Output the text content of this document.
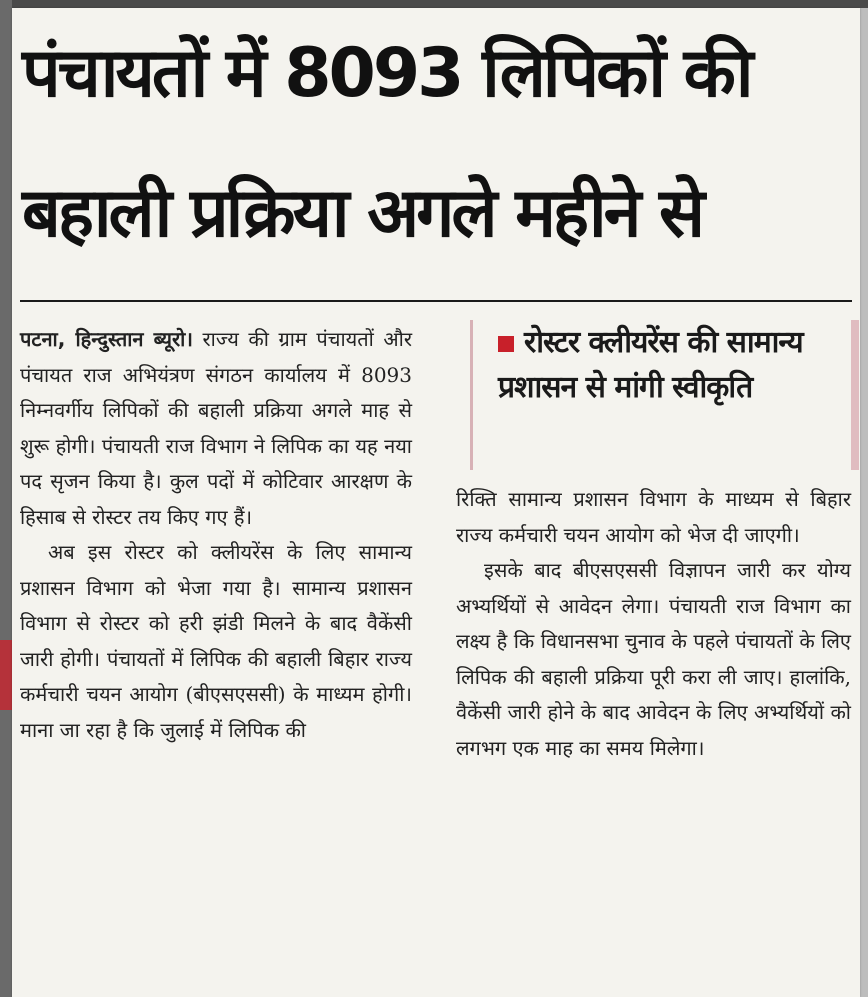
पंचायतों में 8093 लिपिकों की
बहाली प्रक्रिया अगले महीने से

पटना, हिन्दुस्तान ब्यूरो। राज्य की ग्राम पंचायतों और पंचायत राज अभियंत्रण संगठन कार्यालय में 8093 निम्नवर्गीय लिपिकों की बहाली प्रक्रिया अगले माह से शुरू होगी। पंचायती राज विभाग ने लिपिक का यह नया पद सृजन किया है। कुल पदों में कोटिवार आरक्षण के हिसाब से रोस्टर तय किए गए हैं।

अब इस रोस्टर को क्लीयरेंस के लिए सामान्य प्रशासन विभाग को भेजा गया है। सामान्य प्रशासन विभाग से रोस्टर को हरी झंडी मिलने के बाद वैकेंसी जारी होगी। पंचायतों में लिपिक की बहाली बिहार राज्य कर्मचारी चयन आयोग (बीएसएससी) के माध्यम होगी। माना जा रहा है कि जुलाई में लिपिक की

रोस्टर क्लीयरेंस की सामान्य प्रशासन से मांगी स्वीकृति

रिक्ति सामान्य प्रशासन विभाग के माध्यम से बिहार राज्य कर्मचारी चयन आयोग को भेज दी जाएगी।

इसके बाद बीएसएससी विज्ञापन जारी कर योग्य अभ्यर्थियों से आवेदन लेगा। पंचायती राज विभाग का लक्ष्य है कि विधानसभा चुनाव के पहले पंचायतों के लिए लिपिक की बहाली प्रक्रिया पूरी करा ली जाए। हालांकि, वैकेंसी जारी होने के बाद आवेदन के लिए अभ्यर्थियों को लगभग एक माह का समय मिलेगा।
